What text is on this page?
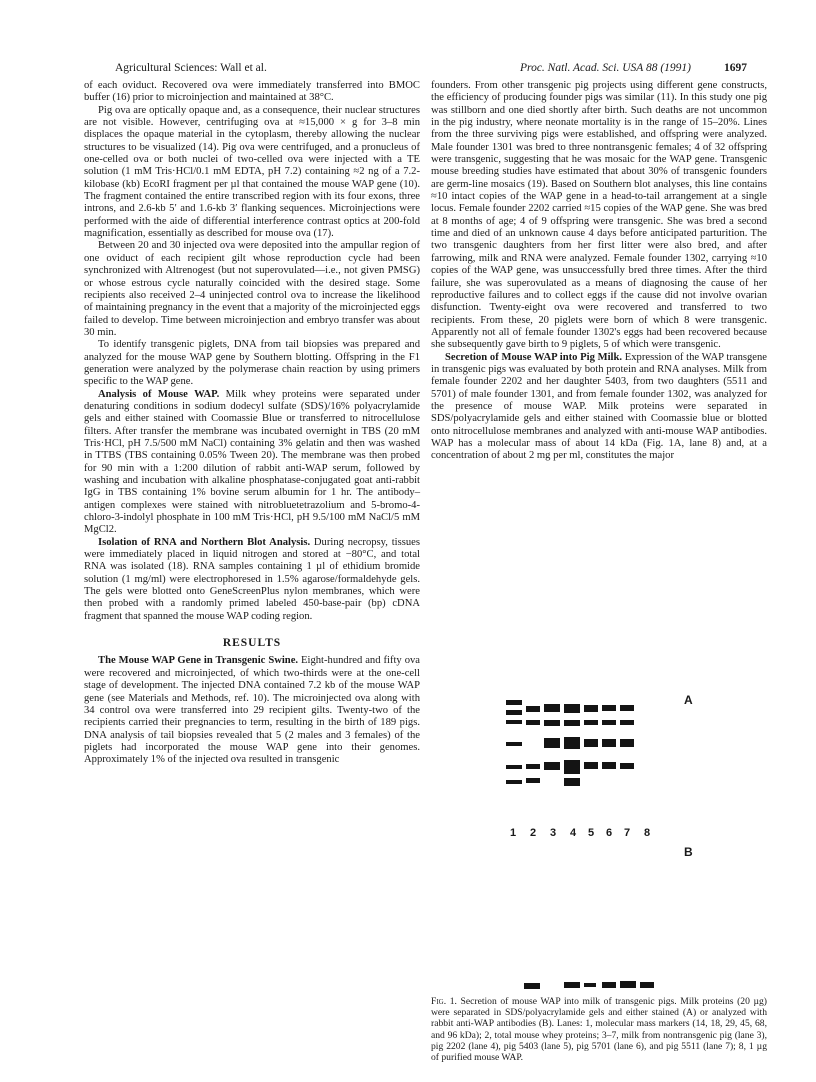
Agricultural Sciences: Wall et al.	Proc. Natl. Acad. Sci. USA 88 (1991)	1697

of each oviduct. Recovered ova were immediately transferred into BMOC buffer (16) prior to microinjection and maintained at 38°C.

Pig ova are optically opaque and, as a consequence, their nuclear structures are not visible. However, centrifuging ova at ≈15,000 × g for 3–8 min displaces the opaque material in the cytoplasm, thereby allowing the nuclear structures to be visualized (14). Pig ova were centrifuged, and a pronucleus of one-celled ova or both nuclei of two-celled ova were injected with a TE solution (1 mM Tris·HCl/0.1 mM EDTA, pH 7.2) containing ≈2 ng of a 7.2-kilobase (kb) EcoRI fragment per µl that contained the mouse WAP gene (10). The fragment contained the entire transcribed region with its four exons, three introns, and 2.6-kb 5′ and 1.6-kb 3′ flanking sequences. Microinjections were performed with the aide of differential interference contrast optics at 200-fold magnification, essentially as described for mouse ova (17).

Between 20 and 30 injected ova were deposited into the ampullar region of one oviduct of each recipient gilt whose reproduction cycle had been synchronized with Altrenogest (but not superovulated—i.e., not given PMSG) or whose estrous cycle naturally coincided with the desired stage. Some recipients also received 2–4 uninjected control ova to increase the likelihood of maintaining pregnancy in the event that a majority of the microinjected eggs failed to develop. Time between microinjection and embryo transfer was about 30 min.

To identify transgenic piglets, DNA from tail biopsies was prepared and analyzed for the mouse WAP gene by Southern blotting. Offspring in the F1 generation were analyzed by the polymerase chain reaction by using primers specific to the WAP gene.

Analysis of Mouse WAP. Milk whey proteins were separated under denaturing conditions in sodium dodecyl sulfate (SDS)/16% polyacrylamide gels and either stained with Coomassie Blue or transferred to nitrocellulose filters. After transfer the membrane was incubated overnight in TBS (20 mM Tris·HCl, pH 7.5/500 mM NaCl) containing 3% gelatin and then was washed in TTBS (TBS containing 0.05% Tween 20). The membrane was then probed for 90 min with a 1:200 dilution of rabbit anti-WAP serum, followed by washing and incubation with alkaline phosphatase-conjugated goat anti-rabbit IgG in TBS containing 1% bovine serum albumin for 1 hr. The antibody–antigen complexes were stained with nitrobluetetrazolium and 5-bromo-4-chloro-3-indolyl phosphate in 100 mM Tris·HCl, pH 9.5/100 mM NaCl/5 mM MgCl2.

Isolation of RNA and Northern Blot Analysis. During necropsy, tissues were immediately placed in liquid nitrogen and stored at −80°C, and total RNA was isolated (18). RNA samples containing 1 µl of ethidium bromide solution (1 mg/ml) were electrophoresed in 1.5% agarose/formaldehyde gels. The gels were blotted onto GeneScreenPlus nylon membranes, which were then probed with a randomly primed labeled 450-base-pair (bp) cDNA fragment that spanned the mouse WAP coding region.

RESULTS

The Mouse WAP Gene in Transgenic Swine. Eight-hundred and fifty ova were recovered and microinjected, of which two-thirds were at the one-cell stage of development. The injected DNA contained 7.2 kb of the mouse WAP gene (see Materials and Methods, ref. 10). The microinjected ova along with 34 control ova were transferred into 29 recipient gilts. Twenty-two of the recipients carried their pregnancies to term, resulting in the birth of 189 pigs. DNA analysis of tail biopsies revealed that 5 (2 males and 3 females) of the piglets had incorporated the mouse WAP gene into their genomes. Approximately 1% of the injected ova resulted in transgenic

founders. From other transgenic pig projects using different gene constructs, the efficiency of producing founder pigs was similar (11). In this study one pig was stillborn and one died shortly after birth. Such deaths are not uncommon in the pig industry, where neonate mortality is in the range of 15–20%. Lines from the three surviving pigs were established, and offspring were analyzed. Male founder 1301 was bred to three nontransgenic females; 4 of 32 offspring were transgenic, suggesting that he was mosaic for the WAP gene. Transgenic mouse breeding studies have estimated that about 30% of transgenic founders are germ-line mosaics (19). Based on Southern blot analyses, this line contains ≈10 intact copies of the WAP gene in a head-to-tail arrangement at a single locus. Female founder 2202 carried ≈15 copies of the WAP gene. She was bred at 8 months of age; 4 of 9 offspring were transgenic. She was bred a second time and died of an unknown cause 4 days before anticipated parturition. The two transgenic daughters from her first litter were also bred, and after farrowing, milk and RNA were analyzed. Female founder 1302, carrying ≈10 copies of the WAP gene, was unsuccessfully bred three times. After the third failure, she was superovulated as a means of diagnosing the cause of her reproductive failures and to collect eggs if the cause did not involve ovarian disfunction. Twenty-eight ova were recovered and transferred to two recipients. From these, 20 piglets were born of which 8 were transgenic. Apparently not all of female founder 1302's eggs had been recovered because she subsequently gave birth to 9 piglets, 5 of which were transgenic.

Secretion of Mouse WAP into Pig Milk. Expression of the WAP transgene in transgenic pigs was evaluated by both protein and RNA analyses. Milk from female founder 2202 and her daughter 5403, from two daughters (5511 and 5701) of male founder 1301, and from female founder 1302, was analyzed for the presence of mouse WAP. Milk proteins were separated in SDS/polyacrylamide gels and either stained with Coomassie blue or blotted onto nitrocellulose membranes and analyzed with anti-mouse WAP antibodies. WAP has a molecular mass of about 14 kDa (Fig. 1A, lane 8) and, at a concentration of about 2 mg per ml, constitutes the major

A
1 2 3 4 5 6 7 8
B
Fig. 1. Secretion of mouse WAP into milk of transgenic pigs. Milk proteins (20 µg) were separated in SDS/polyacrylamide gels and either stained (A) or analyzed with rabbit anti-WAP antibodies (B). Lanes: 1, molecular mass markers (14, 18, 29, 45, 68, and 96 kDa); 2, total mouse whey proteins; 3–7, milk from nontransgenic pig (lane 3), pig 2202 (lane 4), pig 5403 (lane 5), pig 5701 (lane 6), and pig 5511 (lane 7); 8, 1 µg of purified mouse WAP.
